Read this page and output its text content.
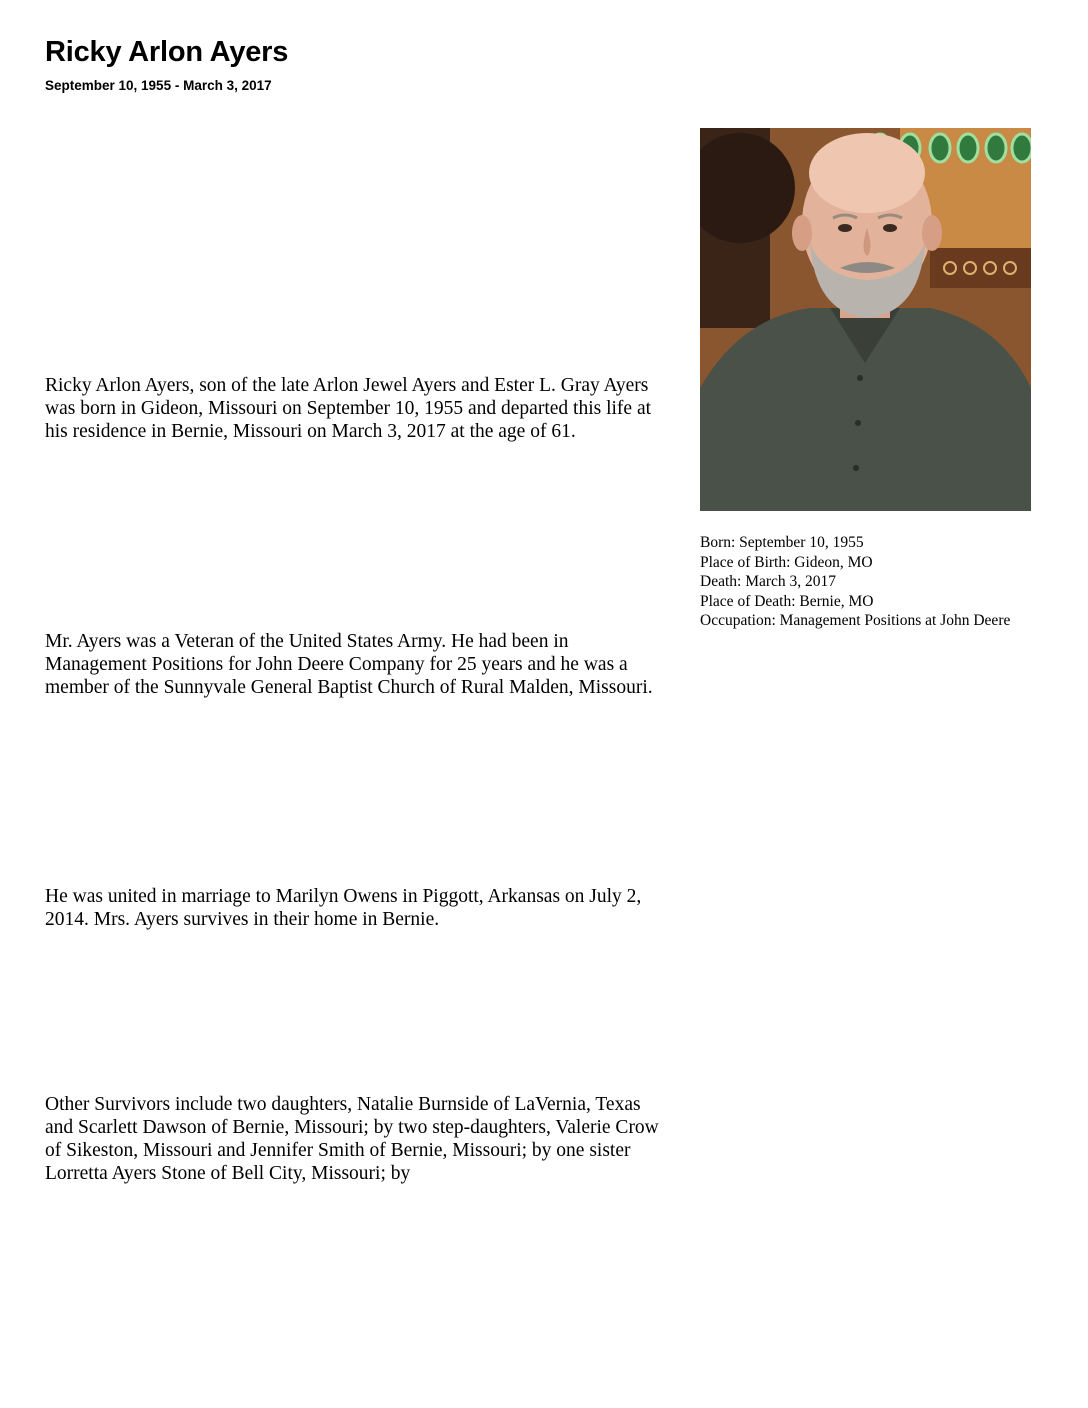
Ricky Arlon Ayers
September 10, 1955 - March 3, 2017

Ricky Arlon Ayers, son of the late Arlon Jewel Ayers and Ester L. Gray Ayers was born in Gideon, Missouri on September 10, 1955 and departed this life at his residence in Bernie, Missouri on March 3, 2017 at the age of 61.

Mr. Ayers was a Veteran of the United States Army. He had been in Management Positions for John Deere Company for 25 years and he was a member of the Sunnyvale General Baptist Church of Rural Malden, Missouri.

He was united in marriage to Marilyn Owens in Piggott, Arkansas on July 2, 2014. Mrs. Ayers survives in their home in Bernie.

Other Survivors include two daughters, Natalie Burnside of LaVernia, Texas and Scarlett Dawson of Bernie, Missouri; by two step-daughters, Valerie Crow of Sikeston, Missouri and Jennifer Smith of Bernie, Missouri; by one sister Lorretta Ayers Stone of Bell City, Missouri; by

Born: September 10, 1955
Place of Birth: Gideon, MO
Death: March 3, 2017
Place of Death: Bernie, MO
Occupation: Management Positions at John Deere
